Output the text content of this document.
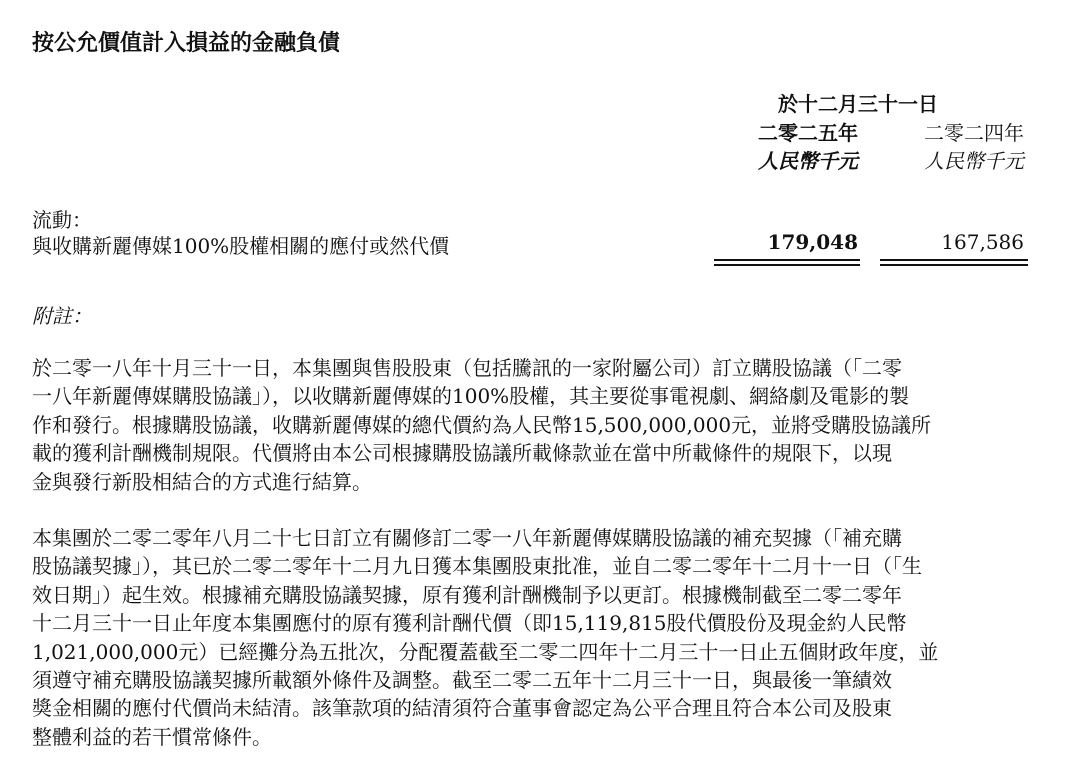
按公允價值計入損益的金融負債
於十二月三十一日
二零二五年	二零二四年
人民幣千元	人民幣千元
流動：
與收購新麗傳媒100%股權相關的應付或然代價	179,048	167,586
附註：
於二零一八年十月三十一日，本集團與售股股東（包括騰訊的一家附屬公司）訂立購股協議（「二零
一八年新麗傳媒購股協議」），以收購新麗傳媒的100%股權，其主要從事電視劇、網絡劇及電影的製
作和發行。根據購股協議，收購新麗傳媒的總代價約為人民幣15,500,000,000元，並將受購股協議所
載的獲利計酬機制規限。代價將由本公司根據購股協議所載條款並在當中所載條件的規限下，以現
金與發行新股相結合的方式進行結算。
本集團於二零二零年八月二十七日訂立有關修訂二零一八年新麗傳媒購股協議的補充契據（「補充購
股協議契據」），其已於二零二零年十二月九日獲本集團股東批准，並自二零二零年十二月十一日（「生
效日期」）起生效。根據補充購股協議契據，原有獲利計酬機制予以更訂。根據機制截至二零二零年
十二月三十一日止年度本集團應付的原有獲利計酬代價（即15,119,815股代價股份及現金約人民幣
1,021,000,000元）已經攤分為五批次，分配覆蓋截至二零二四年十二月三十一日止五個財政年度，並
須遵守補充購股協議契據所載額外條件及調整。截至二零二五年十二月三十一日，與最後一筆績效
獎金相關的應付代價尚未結清。該筆款項的結清須符合董事會認定為公平合理且符合本公司及股東
整體利益的若干慣常條件。
